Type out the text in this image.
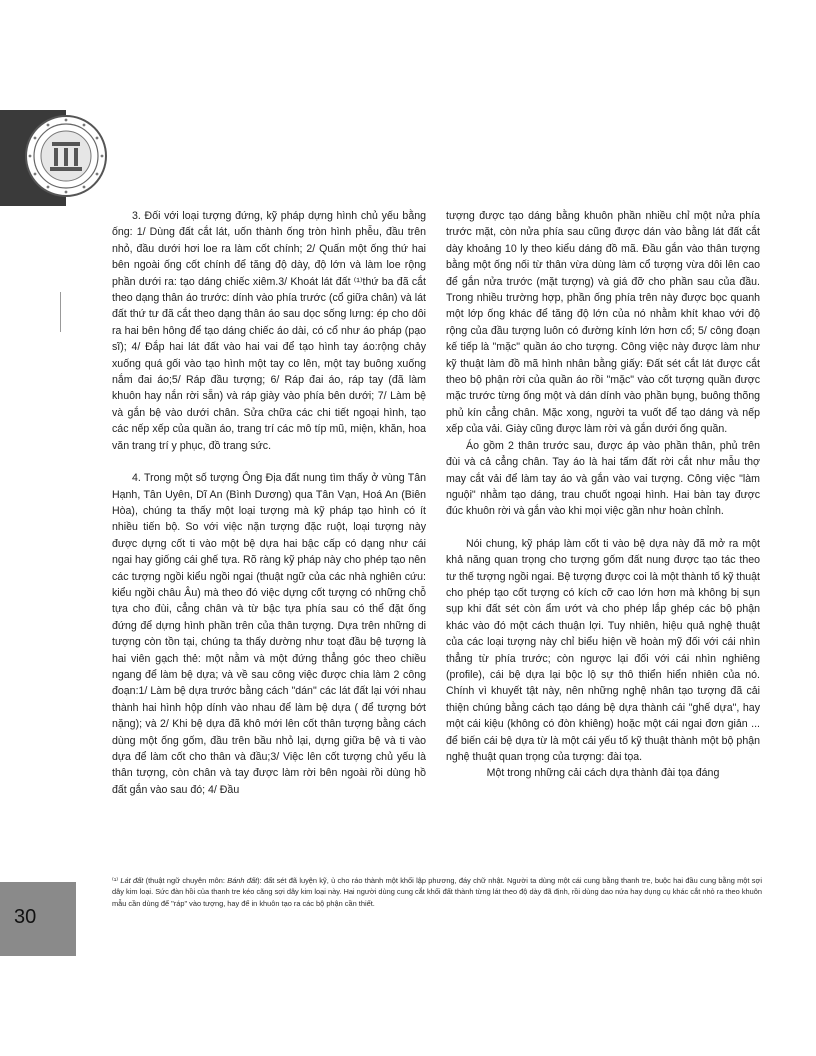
3. Đối với loại tượng đứng, kỹ pháp dựng hình chủ yếu bằng ống: 1/ Dùng đất cắt lát, uốn thành ống tròn hình phễu, đầu trên nhỏ, đầu dưới hơi loe ra làm cốt chính; 2/ Quấn một ống thứ hai bên ngoài ống cốt chính để tăng độ dày, độ lớn và làm loe rộng phần dưới ra: tạo dáng chiếc xiêm.3/ Khoát lát đất ⁽¹⁾thứ ba đã cắt theo dạng thân áo trước: dính vào phía trước (cổ giữa chân) và lát đất thứ tư đã cắt theo dạng thân áo sau dọc sống lưng: ép cho dôi ra hai bên hông để tạo dáng chiếc áo dài, có cổ như áo pháp (pạo sĩ); 4/ Đắp hai lát đất vào hai vai để tạo hình tay áo:rộng chảy xuống quá gối vào tạo hình một tay co lên, một tay buông xuống nắm đai áo;5/ Ráp đầu tượng; 6/ Ráp đai áo, ráp tay (đã làm khuôn hay nắn rời sẵn) và ráp giày vào phía bên dưới; 7/ Làm bệ và gắn bệ vào dưới chân. Sửa chữa các chi tiết ngoại hình, tạo các nếp xếp của quần áo, trang trí các mô típ mũ, miện, khăn, hoa văn trang trí y phục, đồ trang sức.

4. Trong một số tượng Ông Địa đất nung tìm thấy ở vùng Tân Hạnh, Tân Uyên, Dĩ An (Bình Dương) qua Tân Vạn, Hoá An (Biên Hòa), chúng ta thấy một loại tượng mà kỹ pháp tạo hình có ít nhiều tiến bộ. So với việc nặn tượng đặc ruột, loại tượng này được dựng cốt ti vào một bệ dựa hai bậc cấp có dạng như cái ngai hay giống cái ghế tựa. Rõ ràng kỹ pháp này cho phép tạo nên các tượng ngồi kiểu ngồi ngai (thuật ngữ của các nhà nghiên cứu: kiểu ngồi châu Âu) mà theo đó việc dựng cốt tượng có những chỗ tựa cho đùi, cẳng chân và từ bậc tựa phía sau có thể đặt ống đứng để dựng hình phần trên của thân tượng. Dựa trên những di tượng còn tồn tại, chúng ta thấy dường như toạt đầu bệ tượng là hai viên gạch thẻ: một nằm và một đứng thẳng góc theo chiều ngang để làm bệ dựa; và về sau công việc được chia làm 2 công đoạn:1/ Làm bệ dựa trước bằng cách "dán" các lát đất lại với nhau thành hai hình hộp dính vào nhau để làm bệ dựa ( để tượng bớt nặng); và 2/ Khi bệ dựa đã khô mới lên cốt thân tượng bằng cách dùng một ống gốm, đầu trên bầu nhỏ lại, dựng giữa bệ và ti vào dựa để làm cốt cho thân và đầu;3/ Việc lên cốt tượng chủ yếu là thân tượng, còn chân và tay được làm rời bên ngoài rồi dùng hồ đất gắn vào sau đó; 4/ Đầu

tượng được tạo dáng bằng khuôn phần nhiều chỉ một nửa phía trước mặt, còn nửa phía sau cũng được dán vào bằng lát đất cắt dày khoảng 10 ly theo kiểu dáng đồ mã. Đầu gắn vào thân tượng bằng một ống nối từ thân vừa dùng làm cổ tượng vừa dôi lên cao để gắn nửa trước (mặt tượng) và giá đỡ cho phần sau của đầu. Trong nhiều trường hợp, phần ống phía trên này được bọc quanh một lớp ống khác để tăng độ lớn của nó nhằm khít khao với độ rộng của đầu tượng luôn có đường kính lớn hơn cổ; 5/ công đoạn kế tiếp là "mặc" quần áo cho tượng. Công việc này được làm như kỹ thuật làm đồ mã hình nhân bằng giấy: Đất sét cắt lát được cắt theo bộ phận rời của quần áo rồi "mặc" vào cốt tượng quần được mặc trước từng ống một và dán dính vào phần bụng, buông thõng phủ kín cẳng chân. Mặc xong, người ta vuốt để tạo dáng và nếp xếp của vải. Giày cũng được làm rời và gắn dưới ống quần.

Áo gồm 2 thân trước sau, được áp vào phần thân, phủ trên đùi và cả cẳng chân. Tay áo là hai tấm đất rời cắt như mẫu thợ may cắt vải để làm tay áo và gắn vào vai tượng. Công việc "làm nguội" nhằm tạo dáng, trau chuốt ngoại hình. Hai bàn tay được đúc khuôn rời và gắn vào khi mọi việc gần như hoàn chỉnh.

Nói chung, kỹ pháp làm cốt ti vào bệ dựa này đã mở ra một khả năng quan trọng cho tượng gốm đất nung được tạo tác theo tư thế tượng ngồi ngai. Bệ tượng được coi là một thành tố kỹ thuật cho phép tạo cốt tượng có kích cỡ cao lớn hơn mà không bị sụn sụp khi đất sét còn ẩm ướt và cho phép lắp ghép các bộ phận khác vào đó một cách thuận lợi. Tuy nhiên, hiệu quả nghệ thuật của các loại tượng này chỉ biểu hiện về hoàn mỹ đối với cái nhìn thẳng từ phía trước; còn ngược lại đối với cái nhìn nghiêng (profile), cái bệ dựa lại bộc lộ sự thô thiển hiển nhiên của nó. Chính vì khuyết tật này, nên những nghệ nhân tạo tượng đã cải thiện chúng bằng cách tạo dáng bệ dựa thành cái "ghế dựa", hay một cái kiệu (không có đòn khiêng) hoặc một cái ngai đơn giản ... để biến cái bệ dựa từ là một cái yếu tố kỹ thuật thành một bộ phận nghệ thuật quan trọng của tượng: đài tọa.

Một trong những cải cách dựa thành đài tọa đáng

⁽¹⁾ Lát đất (thuật ngữ chuyên môn: Bánh đất): đất sét đã luyện kỹ, ủ cho ráo thành một khối lập phương, đáy chữ nhật. Người ta dùng một cái cung bằng thanh tre, buộc hai đầu cung bằng một sợi dây kim loại. Sức đàn hồi của thanh tre kéo căng sợi dây kim loại này. Hai người dùng cung cắt khối đất thành từng lát theo độ dày đã định, rồi dùng dao nứa hay dụng cụ khác cắt nhỏ ra theo khuôn mẫu cần dùng để "ráp" vào tượng, hay để in khuôn tạo ra các bộ phận cần thiết.
30
